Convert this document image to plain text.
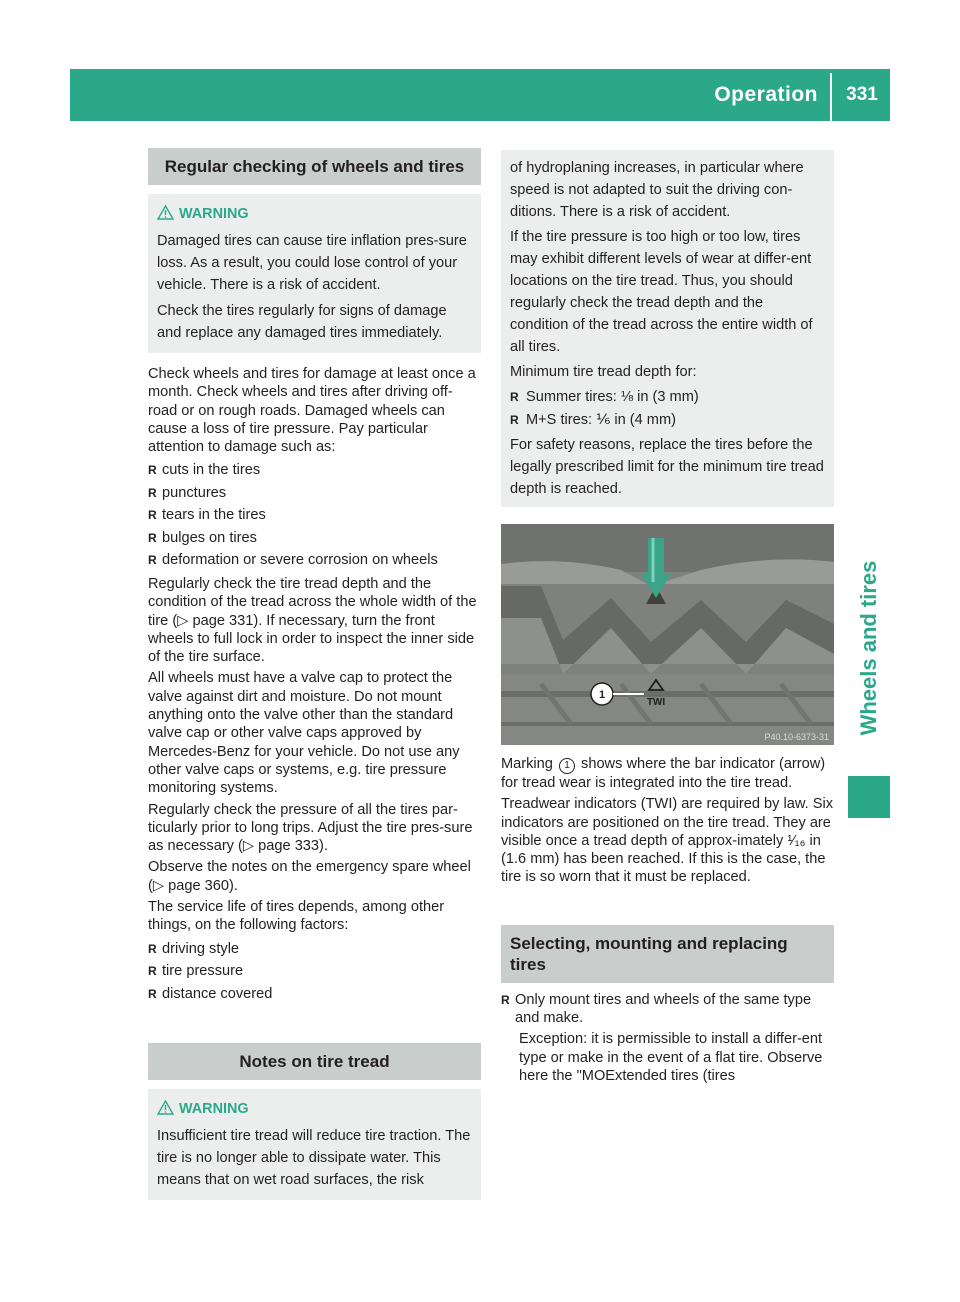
Operation	331
Wheels and tires
Regular checking of wheels and tires
WARNING

Damaged tires can cause tire inflation pres-sure loss. As a result, you could lose control of your vehicle. There is a risk of accident.

Check the tires regularly for signs of damage and replace any damaged tires immediately.

Check wheels and tires for damage at least once a month. Check wheels and tires after driving off-road or on rough roads. Damaged wheels can cause a loss of tire pressure. Pay particular attention to damage such as:

R cuts in the tires
R punctures
R tears in the tires
R bulges on tires
R deformation or severe corrosion on wheels

Regularly check the tire tread depth and the condition of the tread across the whole width of the tire (▷ page 331). If necessary, turn the front wheels to full lock in order to inspect the inner side of the tire surface.

All wheels must have a valve cap to protect the valve against dirt and moisture. Do not mount anything onto the valve other than the standard valve cap or other valve caps approved by Mercedes-Benz for your vehicle. Do not use any other valve caps or systems, e.g. tire pressure monitoring systems.

Regularly check the pressure of all the tires par-ticularly prior to long trips. Adjust the tire pres-sure as necessary (▷ page 333).

Observe the notes on the emergency spare wheel (▷ page 360).

The service life of tires depends, among other things, on the following factors:

R driving style
R tire pressure
R distance covered
Notes on tire tread
WARNING

Insufficient tire tread will reduce tire traction. The tire is no longer able to dissipate water. This means that on wet road surfaces, the risk

of hydroplaning increases, in particular where speed is not adapted to suit the driving con-ditions. There is a risk of accident.

If the tire pressure is too high or too low, tires may exhibit different levels of wear at differ-ent locations on the tire tread. Thus, you should regularly check the tread depth and the condition of the tread across the entire width of all tires.

Minimum tire tread depth for:

R Summer tires: ⅛ in (3 mm)
R M+S tires: ⅙ in (4 mm)

For safety reasons, replace the tires before the legally prescribed limit for the minimum tire tread depth is reached.

1
TWI
P40.10-6373-31

Marking 1 shows where the bar indicator (arrow) for tread wear is integrated into the tire tread.

Treadwear indicators (TWI) are required by law. Six indicators are positioned on the tire tread. They are visible once a tread depth of approx-imately ¹⁄₁₆ in (1.6 mm) has been reached. If this is the case, the tire is so worn that it must be replaced.

Selecting, mounting and replacing tires
R Only mount tires and wheels of the same type and make.

Exception: it is permissible to install a differ-ent type or make in the event of a flat tire. Observe here the "MOExtended tires (tires
